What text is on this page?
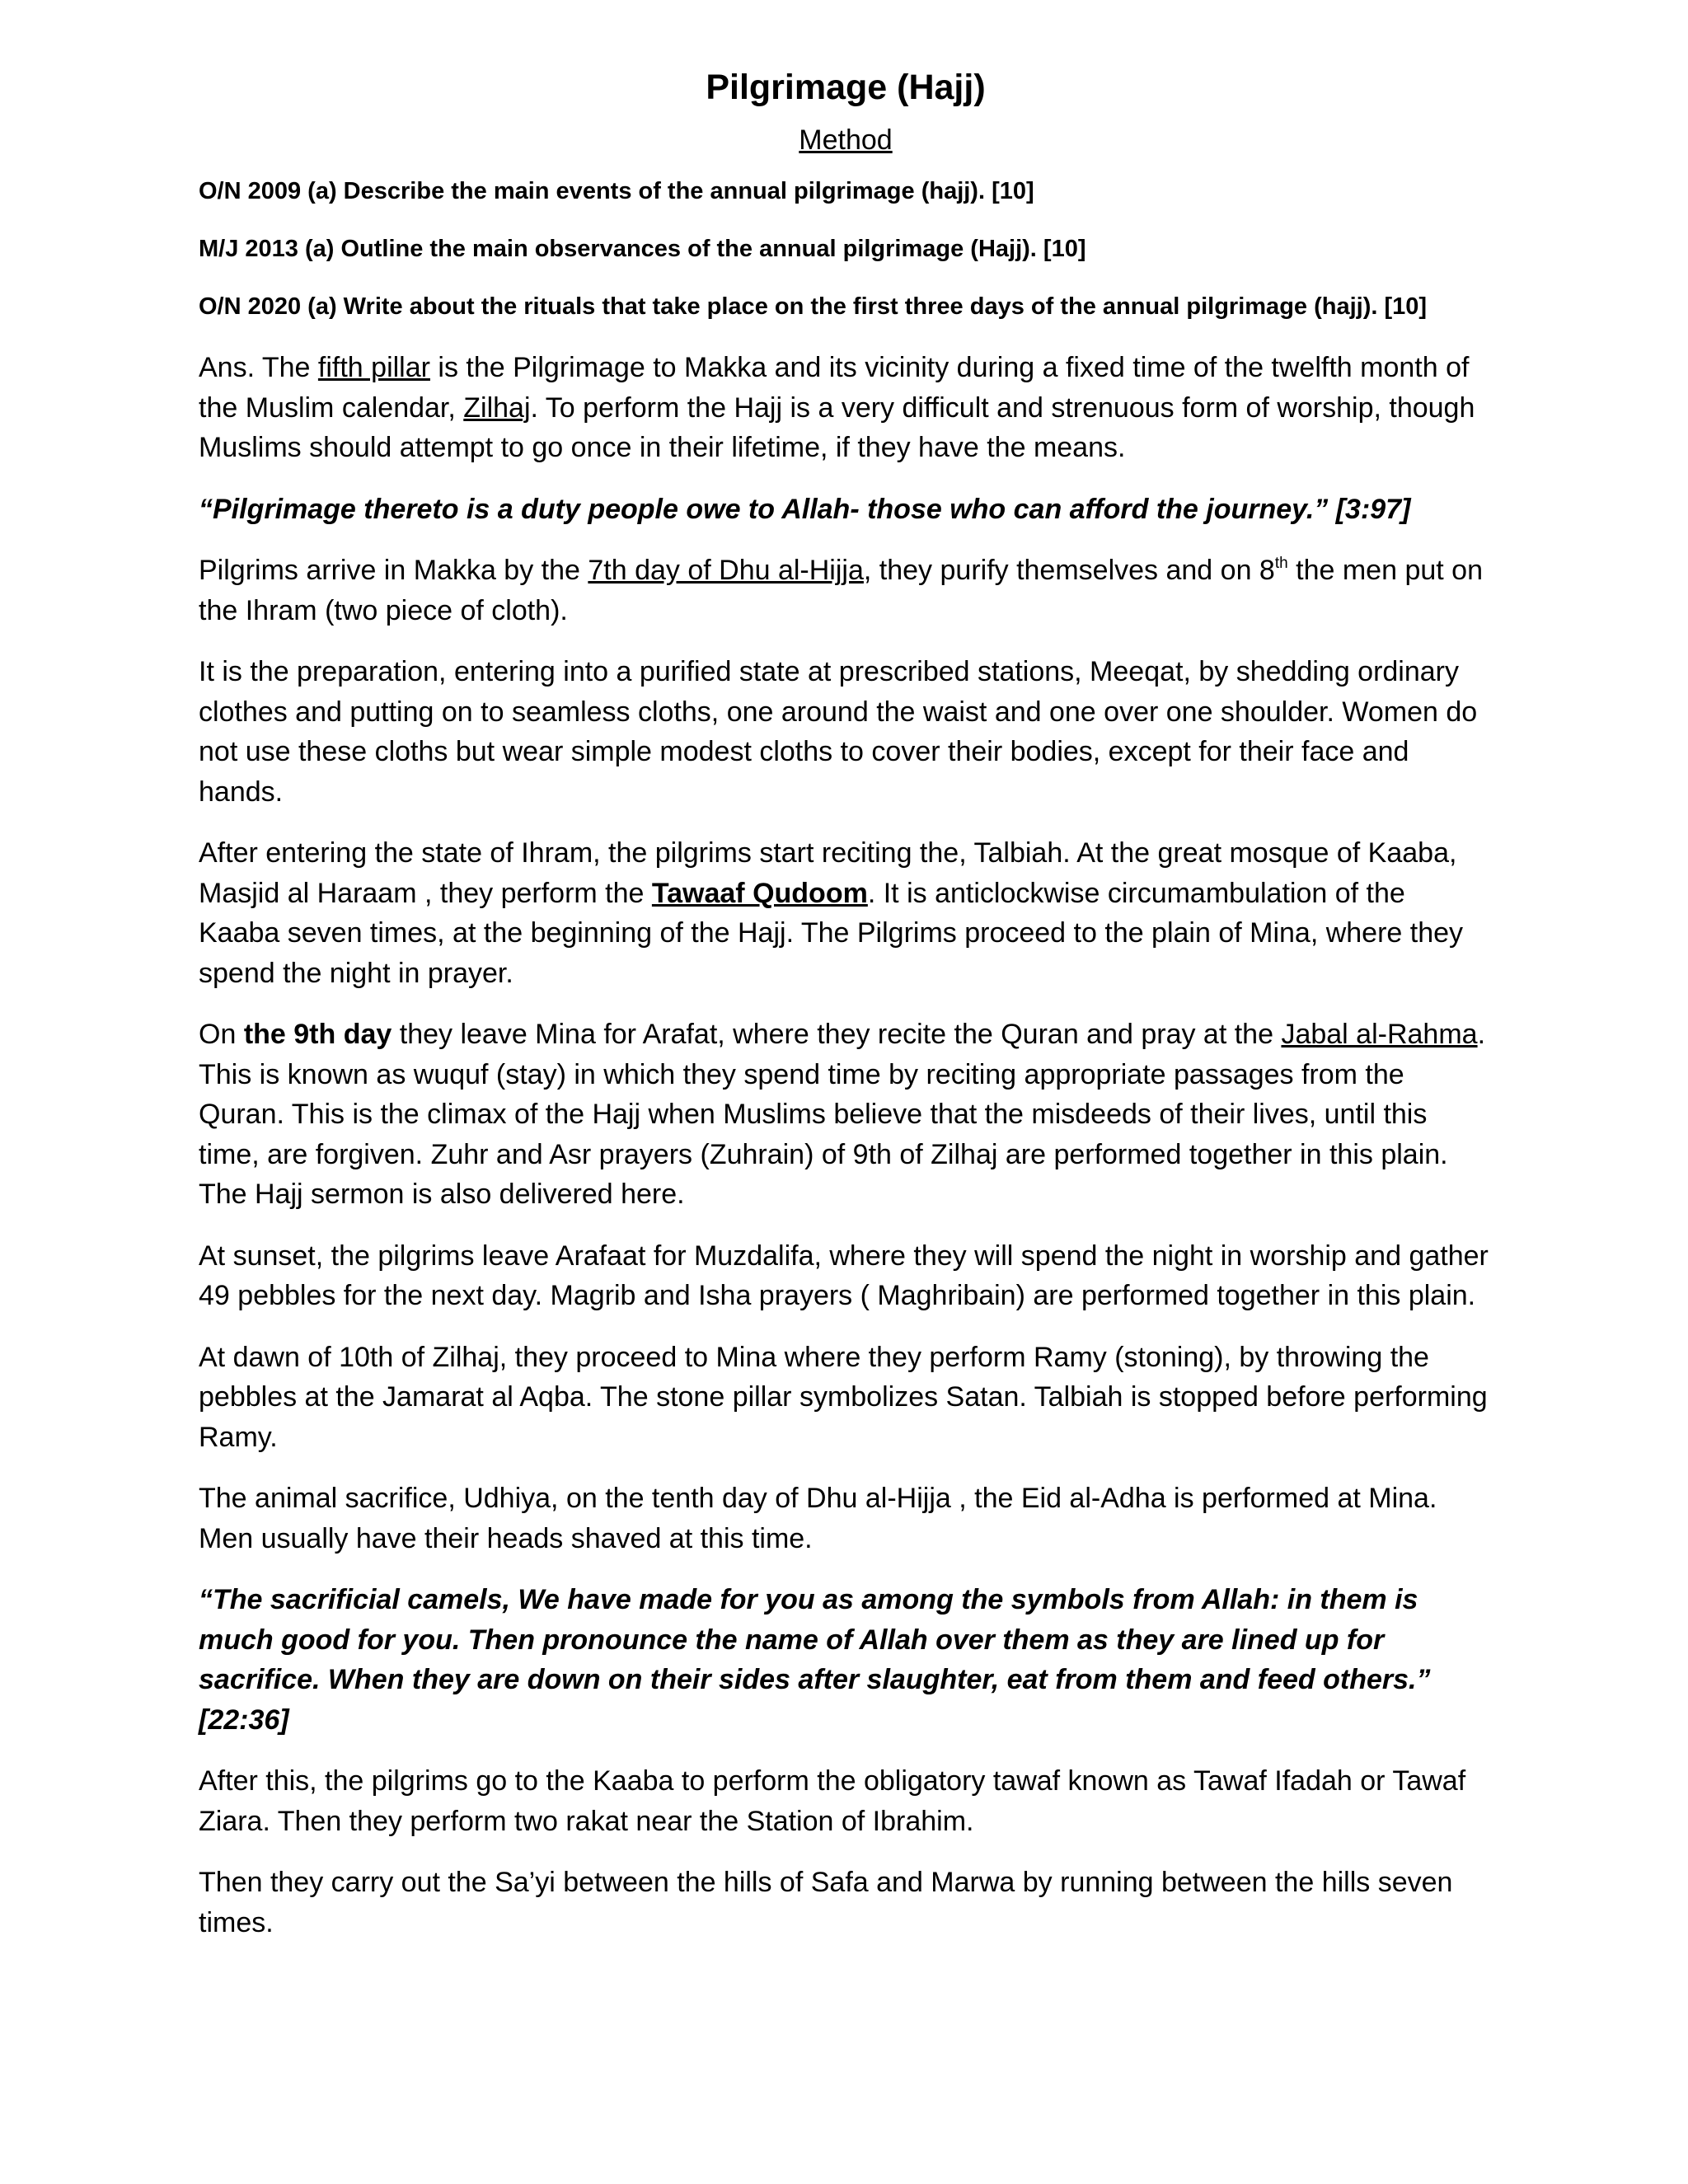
Pilgrimage (Hajj)
Method
O/N 2009 (a) Describe the main events of the annual pilgrimage (hajj). [10]
M/J 2013 (a) Outline the main observances of the annual pilgrimage (Hajj). [10]
O/N 2020 (a) Write about the rituals that take place on the first three days of the annual pilgrimage (hajj). [10]

Ans. The fifth pillar is the Pilgrimage to Makka and its vicinity during a fixed time of the twelfth month of the Muslim calendar, Zilhaj. To perform the Hajj is a very difficult and strenuous form of worship, though Muslims should attempt to go once in their lifetime, if they have the means.

“Pilgrimage thereto is a duty people owe to Allah- those who can afford the journey.” [3:97]

Pilgrims arrive in Makka by the 7th day of Dhu al-Hijja, they purify themselves and on 8th the men put on the Ihram (two piece of cloth).

It is the preparation, entering into a purified state at prescribed stations, Meeqat, by shedding ordinary clothes and putting on to seamless cloths, one around the waist and one over one shoulder. Women do not use these cloths but wear simple modest cloths to cover their bodies, except for their face and hands.

After entering the state of Ihram, the pilgrims start reciting the, Talbiah. At the great mosque of Kaaba, Masjid al Haraam , they perform the Tawaaf Qudoom. It is anticlockwise circumambulation of the Kaaba seven times, at the beginning of the Hajj. The Pilgrims proceed to the plain of Mina, where they spend the night in prayer.

On the 9th day they leave Mina for Arafat, where they recite the Quran and pray at the Jabal al-Rahma. This is known as wuquf (stay) in which they spend time by reciting appropriate passages from the Quran. This is the climax of the Hajj when Muslims believe that the misdeeds of their lives, until this time, are forgiven. Zuhr and Asr prayers (Zuhrain) of 9th of Zilhaj are performed together in this plain. The Hajj sermon is also delivered here.

At sunset, the pilgrims leave Arafaat for Muzdalifa, where they will spend the night in worship and gather 49 pebbles for the next day. Magrib and Isha prayers ( Maghribain) are performed together in this plain.

At dawn of 10th of Zilhaj, they proceed to Mina where they perform Ramy (stoning), by throwing the pebbles at the Jamarat al Aqba. The stone pillar symbolizes Satan. Talbiah is stopped before performing Ramy.

The animal sacrifice, Udhiya, on the tenth day of Dhu al-Hijja , the Eid al-Adha is performed at Mina. Men usually have their heads shaved at this time.

“The sacrificial camels, We have made for you as among the symbols from Allah: in them is much good for you. Then pronounce the name of Allah over them as they are lined up for sacrifice. When they are down on their sides after slaughter, eat from them and feed others.” [22:36]

After this, the pilgrims go to the Kaaba to perform the obligatory tawaf known as Tawaf Ifadah or Tawaf Ziara. Then they perform two rakat near the Station of Ibrahim.

Then they carry out the Sa’yi between the hills of Safa and Marwa by running between the hills seven times.
